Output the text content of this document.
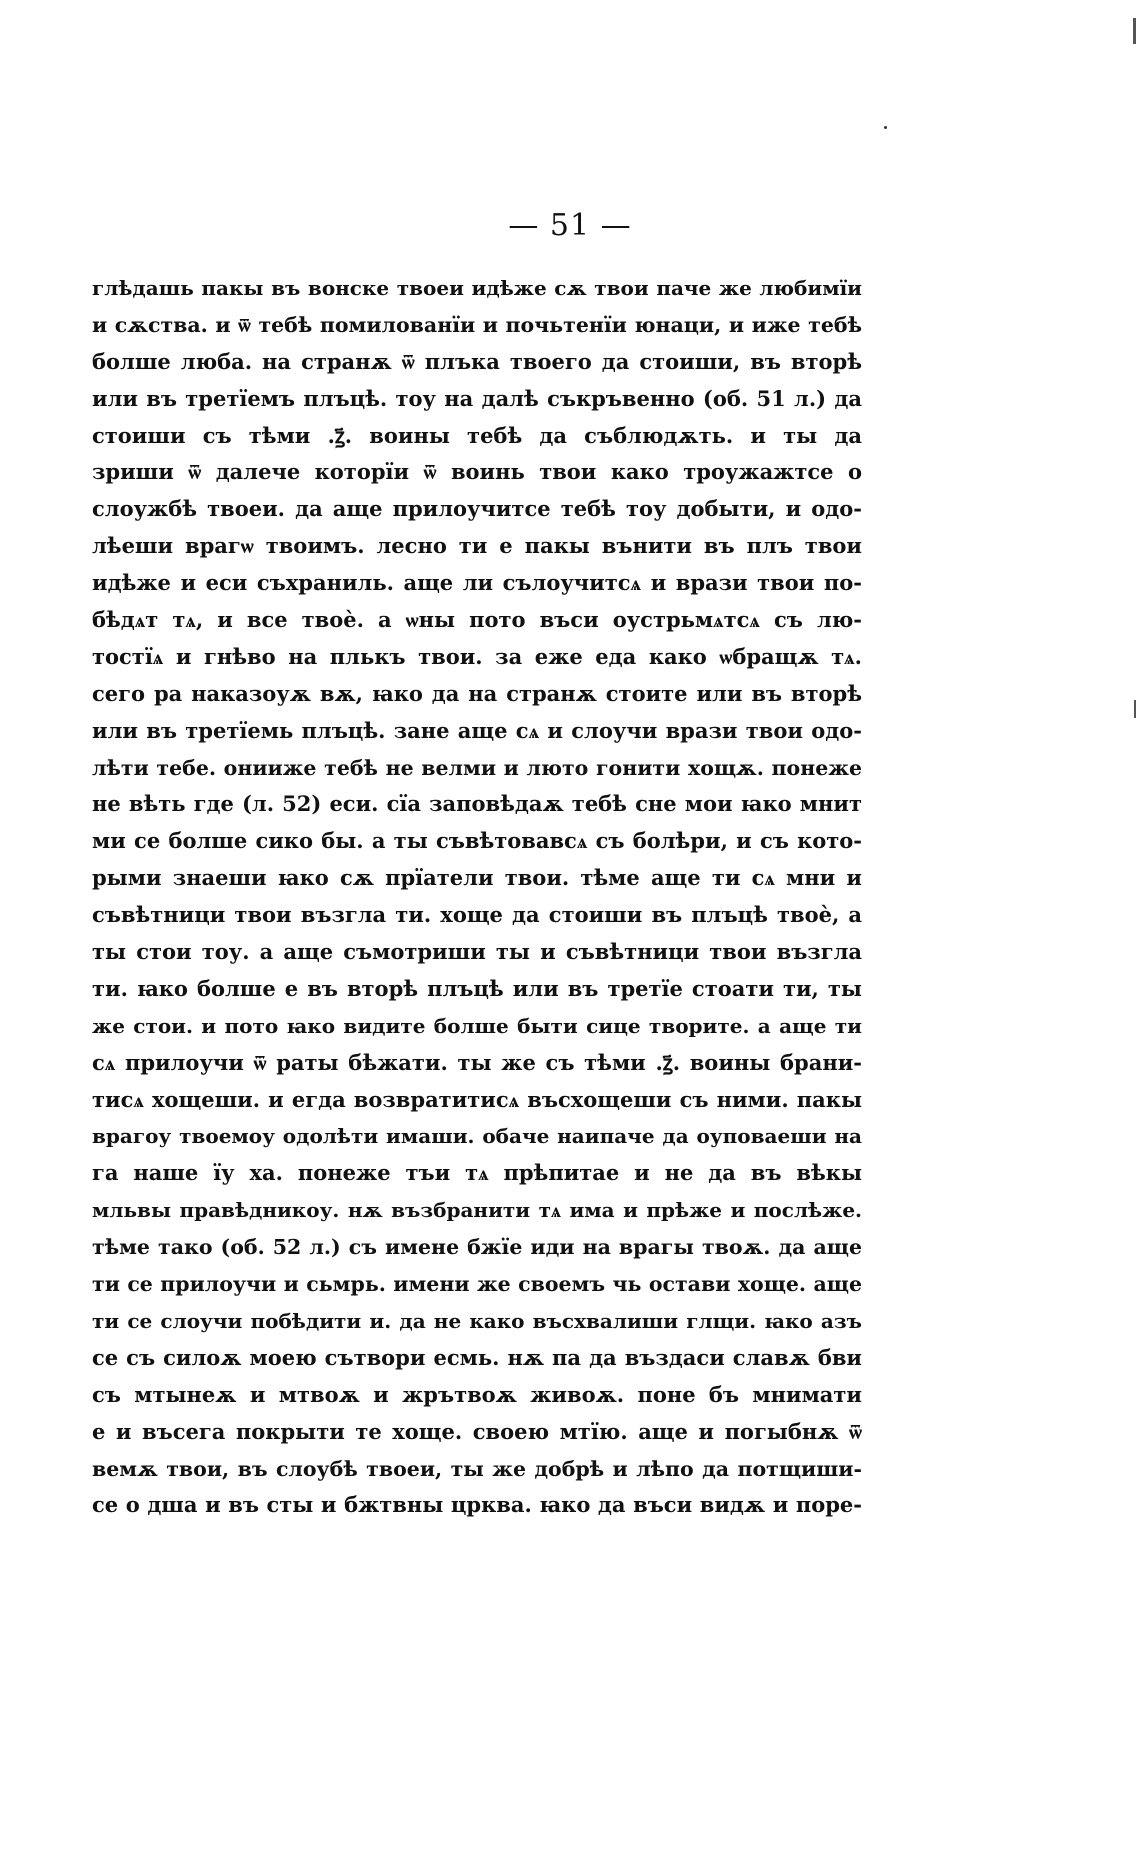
— 51 —
глѣдашь пакы въ вонске твоеи идѣже сѫ твои паче же любимїи
и сѫства. и ѿ тебѣ помилованїи и почьтенїи юнаци, и иже тебѣ
болше люба. на странѫ ѿ плъка твоего да стоиши, въ вторѣ
или въ третїемъ плъцѣ. тоу на далѣ съкръвенно (об. 51 л.) да
стоиши съ тѣми .ꙁ҃. воины тебѣ да съблюдѫть. и ты да
зриши ѿ далече которїи ѿ воинь твои како троужажтсе о
слоужбѣ твоеи. да аще прилоучитсе тебѣ тоу добыти, и одо-
лѣеши врагѡ твоимъ. лесно ти е пакы вънити въ плъ твои
идѣже и еси съхраниль. аще ли сълоучитсѧ и врази твои по-
бѣдѧт тѧ, и все твоѐ. а ѡны пото въси оустрьмѧтсѧ съ лю-
тостїѧ и гнѣво на плькъ твои. за еже еда како ѡбращѫ тѧ.
сего ра наказоуѫ вѫ, ꙗко да на странѫ стоите или въ вторѣ
или въ третїемь плъцѣ. зане аще сѧ и слоучи врази твои одо-
лѣти тебе. онииже тебѣ не велми и люто гонити хощѫ. понеже
не вѣть где (л. 52) еси. сїа заповѣдаѫ тебѣ сне мои ꙗко мнит
ми се болше сико бы. а ты съвѣтовавсѧ съ болѣри, и съ кото-
рыми знаеши ꙗко сѫ прїатели твои. тѣме аще ти сѧ мни и
съвѣтници твои възгла ти. хоще да стоиши въ плъцѣ твоѐ, а
ты стои тоу. а аще съмотриши ты и съвѣтници твои възгла
ти. ꙗко болше е въ вторѣ плъцѣ или въ третїе стоати ти, ты
же стои. и пото ꙗко видите болше быти сице творите. а аще ти
сѧ прилоучи ѿ раты бѣжати. ты же съ тѣми .ꙁ҃. воины брани-
тисѧ хощеши. и егда возвратитисѧ въсхощеши съ ними. пакы
врагоу твоемоу одолѣти имаши. обаче наипаче да оуповаеши на
га наше їу ха. понеже тъи тѧ прѣпитае и не да въ вѣкы
мльвы правѣдникоу. нѫ възбранити тѧ има и прѣже и послѣже.
тѣме тако (об. 52 л.) съ имене бжїе иди на врагы твоѫ. да аще
ти се прилоучи и сьмрь. имени же своемъ чь остави хоще. аще
ти се слоучи побѣдити и. да не како въсхвалиши глщи. ꙗко азъ
се съ силоѫ моею сътвори есмь. нѫ па да въздаси славѫ бви
съ мтынеѫ и мтвоѫ и жрътвоѫ живоѫ. поне бъ мнимати
е и въсега покрыти те хоще. своею мтїю. аще и погыбнѫ ѿ
вемѫ твои, въ слоубѣ твоеи, ты же добрѣ и лѣпо да потщиши-
се о дша и въ сты и бжтвны црква. ꙗко да въси видѫ и поре-
